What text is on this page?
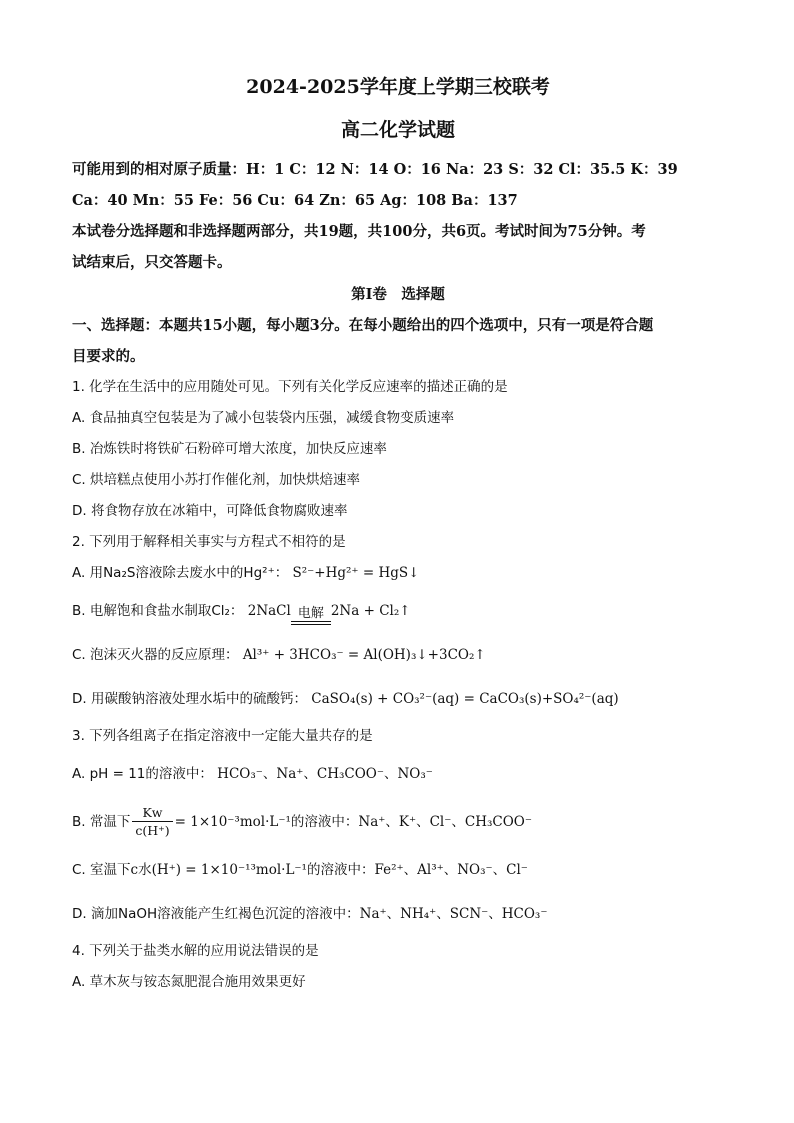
2024-2025学年度上学期三校联考
高二化学试题
可能用到的相对原子质量：H：1 C：12 N：14 O：16 Na：23 S：32 Cl：35.5 K：39
Ca：40 Mn：55 Fe：56 Cu：64 Zn：65 Ag：108 Ba：137
本试卷分选择题和非选择题两部分，共19题，共100分，共6页。考试时间为75分钟。考
试结束后，只交答题卡。
第Ⅰ卷　选择题
一、选择题：本题共15小题，每小题3分。在每小题给出的四个选项中，只有一项是符合题
目要求的。
1. 化学在生活中的应用随处可见。下列有关化学反应速率的描述正确的是
A. 食品抽真空包装是为了减小包装袋内压强，减缓食物变质速率
B. 冶炼铁时将铁矿石粉碎可增大浓度，加快反应速率
C. 烘培糕点使用小苏打作催化剂，加快烘焙速率
D. 将食物存放在冰箱中，可降低食物腐败速率
2. 下列用于解释相关事实与方程式不相符的是
A. 用Na₂S溶液除去废水中的Hg²⁺： S²⁻+Hg²⁺ = HgS↓
B. 电解饱和食盐水制取Cl₂： 2NaCl 电解 2Na + Cl₂↑
C. 泡沫灭火器的反应原理： Al³⁺ + 3HCO₃⁻ = Al(OH)₃↓+3CO₂↑
D. 用碳酸钠溶液处理水垢中的硫酸钙： CaSO₄(s) + CO₃²⁻(aq) = CaCO₃(s)+SO₄²⁻(aq)
3. 下列各组离子在指定溶液中一定能大量共存的是
A. pH = 11的溶液中： HCO₃⁻、Na⁺、CH₃COO⁻、NO₃⁻
B. 常温下 $\frac{Kw}{c(H^+)} = 1\times 10^{-3}mol\cdot L^{-1}$的溶液中：Na⁺、K⁺、Cl⁻、CH₃COO⁻
C. 室温下c水(H⁺) = 1×10⁻¹³mol·L⁻¹的溶液中：Fe²⁺、Al³⁺、NO₃⁻、Cl⁻
D. 滴加NaOH溶液能产生红褐色沉淀的溶液中：Na⁺、NH₄⁺、SCN⁻、HCO₃⁻
4. 下列关于盐类水解的应用说法错误的是
A. 草木灰与铵态氮肥混合施用效果更好
